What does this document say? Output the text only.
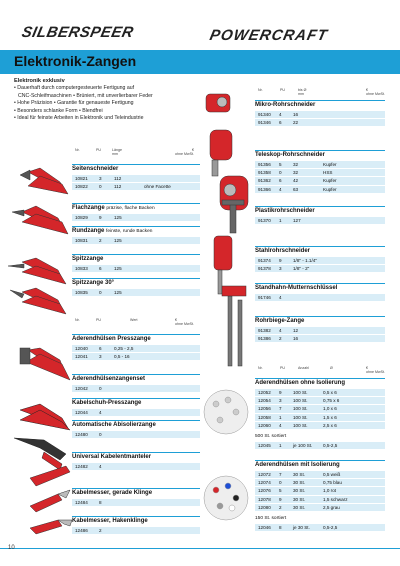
SILBERSPEER	POWERCRAFT
Elektronik-Zangen
Elektronik exklusiv
• Dauerhaft durch computergesteuerte Fertigung auf
CNC-Schleifmaschinen • Brüniert, mit unverlierbarer Feder
• Hohe Präzision • Garantie für genaueste Fertigung
• Besonders schlanke Form • Blendfrei
• Ideal für feinste Arbeiten in Elektronik und Teleindustrie
Nr.	PU	Länge
mm
€
ohne MwSt.
Seitenschneider
10821 3	112
10822 0	112	ohne Facette
Flachzange präzise, flache Backen
10829 9	125
Rundzange feinste, runde Backen
10831 2	125
Spitzzange
10833 6	125
Spitzzange 30°
10835 0	125
Aderendhülsen Presszange
12040 6	0,25 - 2,5
12041 3	0,5 - 16
Aderendhülsenzangenset
12042 0
Kabelschuh-Presszange
12044 4
Automatische Abisolierzange
12480 0
Universal Kabelentmanteler
12482 4
Kabelmesser, gerade Klinge
12484 8
Kabelmesser, Hakenklinge
12486 2
Nr.	PU	Wert	€
ohne MwSt.
Nr.	PU	bis Ø
mm
€
ohne MwSt.
Nr.	PU	Anzahl	Ø	€
ohne MwSt.
Mikro-Rohrschneider
91340 4 16
91346 6 22
Teleskop-Rohrschneider
91356 5 32	Kupfer
91358 0 32	HSS
91362 6 42	Kupfer
91366 4 63	Kupfer
Plastikrohrschneider
91370 1 127
Stahlrohrschneider
91374 9 1/8" - 1.1/4"
91378 3 1/8" - 2"
Standhahn-Mutternschlüssel
91746 4
Rohrbiege-Zange
91382 4 12
91386 2 16
Aderendhülsen ohne Isolierung
12052 9 100 St.	0,5 x 6
12054 3 100 St.	0,75 x 6
12056 7 100 St.	1,0 x 6
12058 1 100 St.	1,5 x 6
12060 4 100 St.	2,5 x 6
500 St. sortiert
12045 1 je 100 St. 0,5-2,5
Aderendhülsen mit Isolierung
12072 7 30 St.	0,5 weiß
12074 0 30 St.	0,75 blau
12076 5 30 St.	1,0 rot
12078 9 30 St.	1,5 schwarz
12080 2 30 St.	2,5 grau
150 St. sortiert
12046 8 je 30 St.	0,5-2,5
10
